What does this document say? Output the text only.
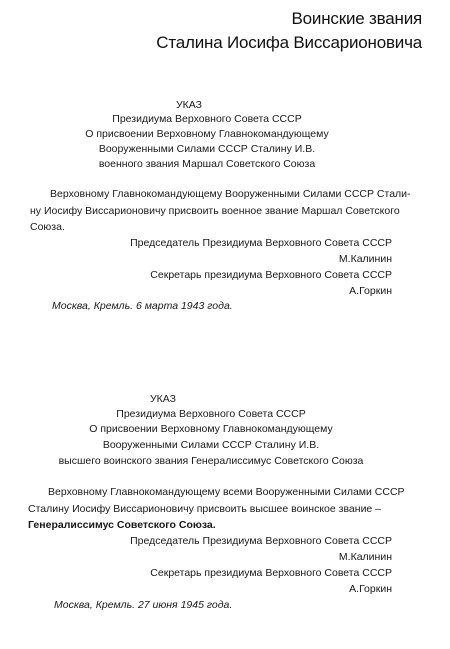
Воинские звания
Сталина Иосифа Виссарионовича
УКАЗ
Президиума Верховного Совета СССР
О присвоении Верховному Главнокомандующему
Вооруженными Силами СССР Сталину И.В.
военного звания Маршал Советского Союза
Верховному Главнокомандующему Вооруженными Силами СССР Стали-
ну Иосифу Виссарионовичу присвоить военное звание Маршал Советского
Союза.
Председатель Президиума Верховного Совета СССР
М.Калинин
Секретарь президиума Верховного Совета СССР
А.Горкин
Москва, Кремль. 6 марта 1943 года.
УКАЗ
Президиума Верховного Совета СССР
О присвоении Верховному Главнокомандующему
Вооруженными Силами СССР Сталину И.В.
высшего воинского звания Генералиссимус Советского Союза
Верховному Главнокомандующему всеми Вооруженными Силами СССР
Сталину Иосифу Виссарионовичу присвоить высшее воинское звание –
Генералиссимус Советского Союза.
Председатель Президиума Верховного Совета СССР
М.Калинин
Секретарь президиума Верховного Совета СССР
А.Горкин
Москва, Кремль. 27 июня 1945 года.
